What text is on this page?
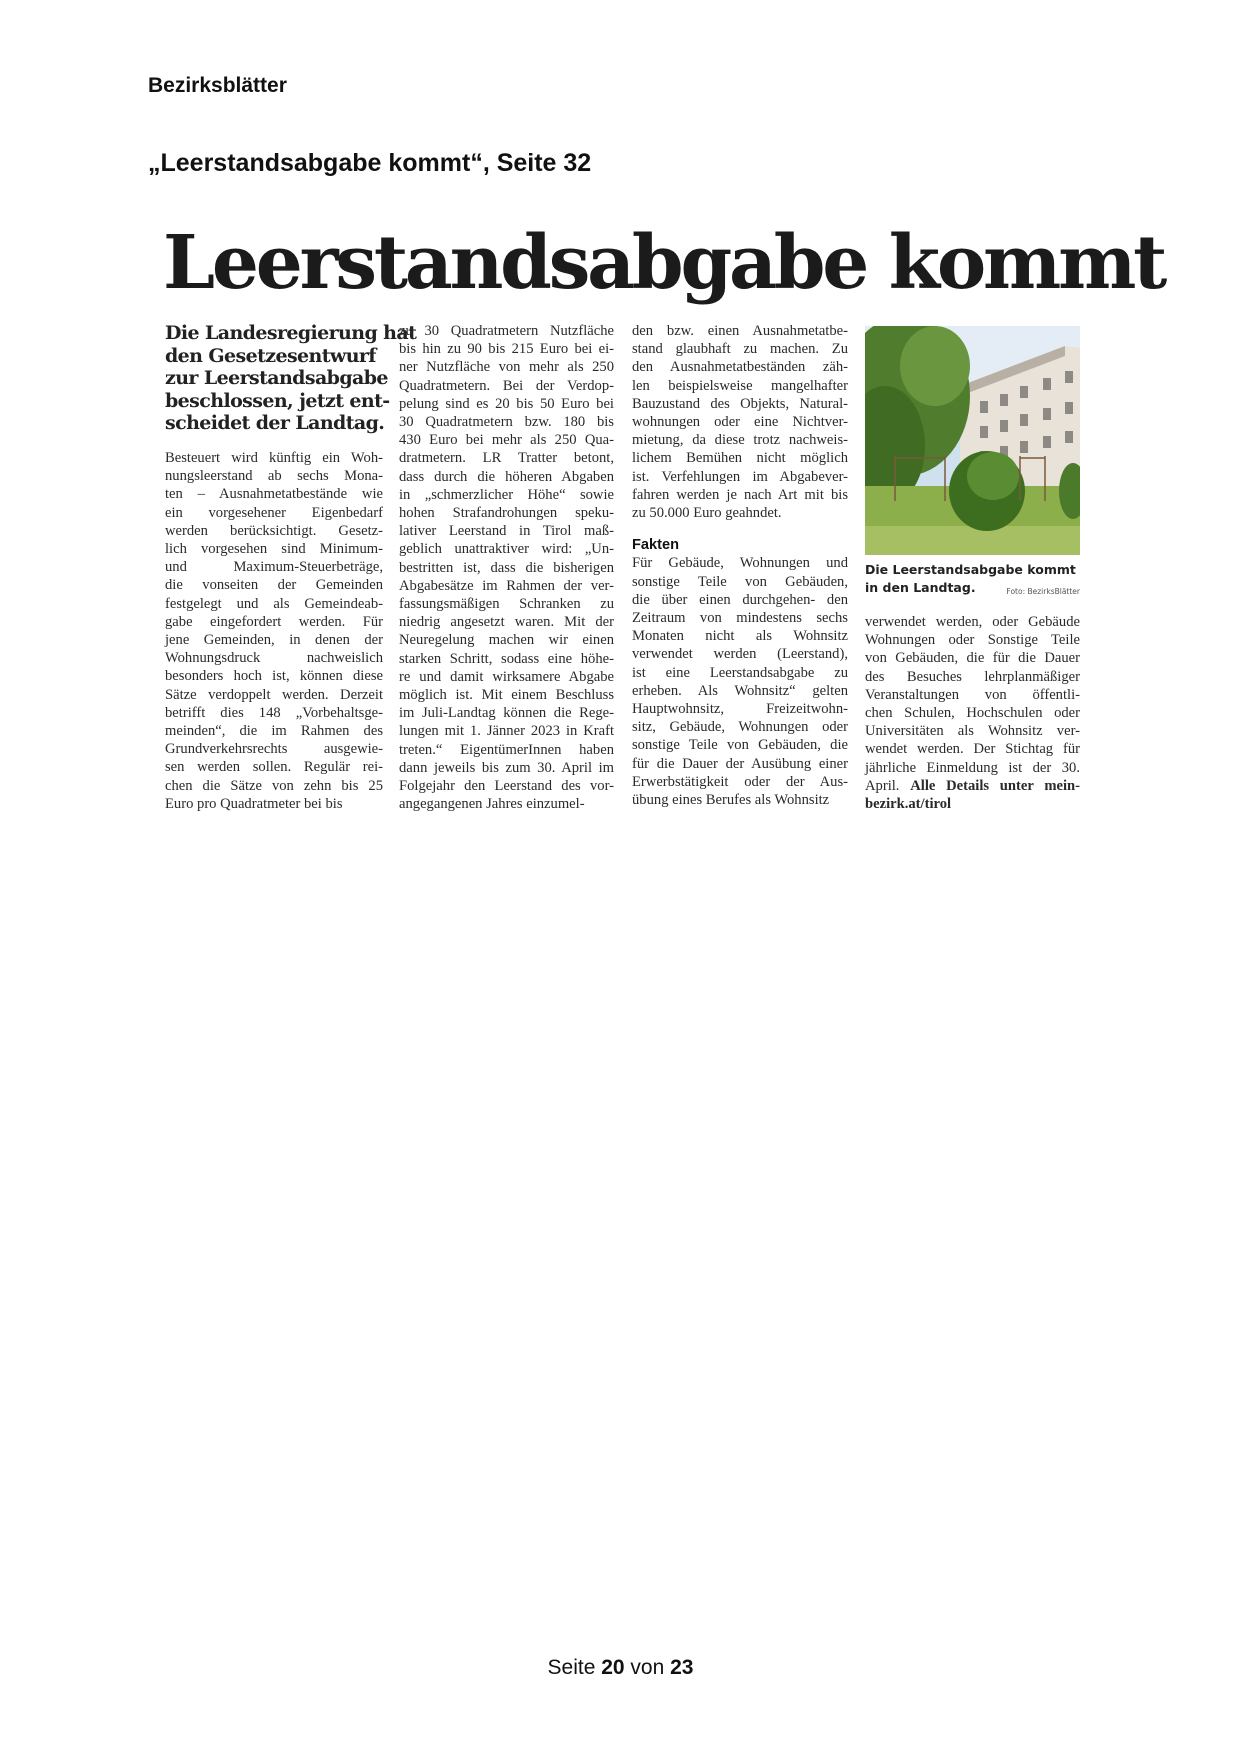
Bezirksblätter
„Leerstandsabgabe kommt“, Seite 32
Leerstandsabgabe kommt
Die Landesregierung hat
den Gesetzesentwurf
zur Leerstandsabgabe
beschlossen, jetzt ent-
scheidet der Landtag.
Besteuert wird künftig ein Woh-
nungsleerstand ab sechs Mona-
ten – Ausnahmetatbestände wie
ein vorgesehener Eigenbedarf
werden berücksichtigt. Gesetz-
lich vorgesehen sind Minimum-
und Maximum-Steuerbeträge,
die vonseiten der Gemeinden
festgelegt und als Gemeindeab-
gabe eingefordert werden. Für
jene Gemeinden, in denen der
Wohnungsdruck nachweislich
besonders hoch ist, können diese
Sätze verdoppelt werden. Derzeit
betrifft dies 148 „Vorbehaltsge-
meinden“, die im Rahmen des
Grundverkehrsrechts ausgewie-
sen werden sollen. Regulär rei-
chen die Sätze von zehn bis 25
Euro pro Quadratmeter bei bis
zu 30 Quadratmetern Nutzfläche
bis hin zu 90 bis 215 Euro bei ei-
ner Nutzfläche von mehr als 250
Quadratmetern. Bei der Verdop-
pelung sind es 20 bis 50 Euro bei
30 Quadratmetern bzw. 180 bis
430 Euro bei mehr als 250 Qua-
dratmetern. LR Tratter betont,
dass durch die höheren Abgaben
in „schmerzlicher Höhe“ sowie
hohen Strafandrohungen speku-
lativer Leerstand in Tirol maß-
geblich unattraktiver wird: „Un-
bestritten ist, dass die bisherigen
Abgabesätze im Rahmen der ver-
fassungsmäßigen Schranken zu
niedrig angesetzt waren. Mit der
Neuregelung machen wir einen
starken Schritt, sodass eine höhe-
re und damit wirksamere Abgabe
möglich ist. Mit einem Beschluss
im Juli-Landtag können die Rege-
lungen mit 1. Jänner 2023 in Kraft
treten.“ EigentümerInnen haben
dann jeweils bis zum 30. April im
Folgejahr den Leerstand des vor-
angegangenen Jahres einzumel-
den bzw. einen Ausnahmetatbe-
stand glaubhaft zu machen. Zu
den Ausnahmetatbeständen zäh-
len beispielsweise mangelhafter
Bauzustand des Objekts, Natural-
wohnungen oder eine Nichtver-
mietung, da diese trotz nachweis-
lichem Bemühen nicht möglich
ist. Verfehlungen im Abgabever-
fahren werden je nach Art mit bis
zu 50.000 Euro geahndet.
Fakten
Für Gebäude, Wohnungen und
sonstige Teile von Gebäuden,
die über einen durchgehen- den
Zeitraum von mindestens sechs
Monaten nicht als Wohnsitz
verwendet werden (Leerstand),
ist eine Leerstandsabgabe zu
erheben. Als Wohnsitz“ gelten
Hauptwohnsitz, Freizeitwohn-
sitz, Gebäude, Wohnungen oder
sonstige Teile von Gebäuden, die
für die Dauer der Ausübung einer
Erwerbstätigkeit oder der Aus-
übung eines Berufes als Wohnsitz
Die Leerstandsabgabe kommt in den Landtag.	Foto: BezirksBlätter
verwendet werden, oder Gebäude
Wohnungen oder Sonstige Teile
von Gebäuden, die für die Dauer
des Besuches lehrplanmäßiger
Veranstaltungen von öffentli-
chen Schulen, Hochschulen oder
Universitäten als Wohnsitz ver-
wendet werden. Der Stichtag für
jährliche Einmeldung ist der 30.
April. Alle Details unter mein-
bezirk.at/tirol
Seite 20 von 23
